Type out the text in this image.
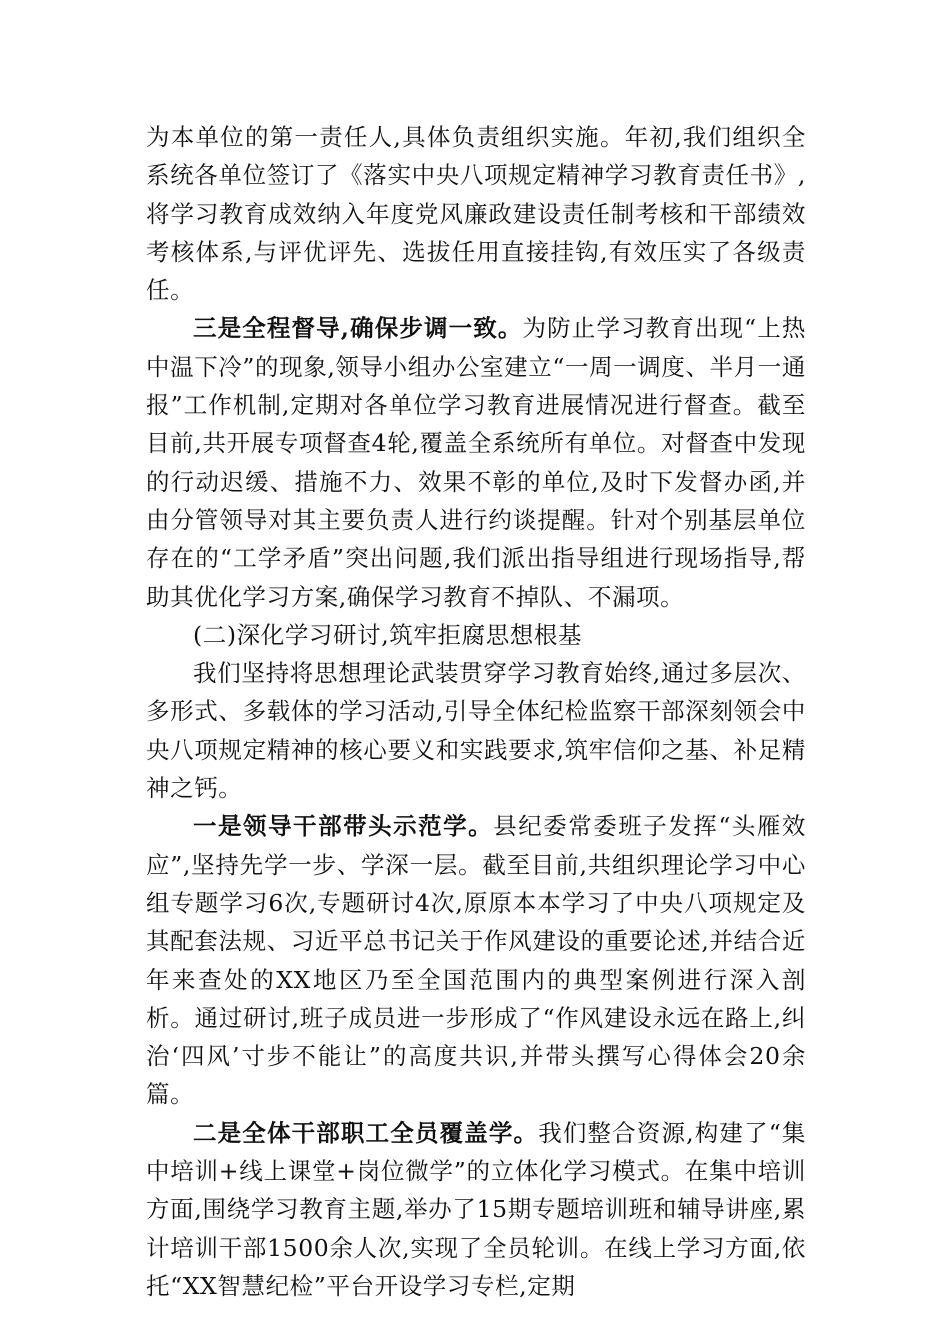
为本单位的第一责任人,具体负责组织实施。年初,我们组织全系统各单位签订了《落实中央八项规定精神学习教育责任书》,将学习教育成效纳入年度党风廉政建设责任制考核和干部绩效考核体系,与评优评先、选拔任用直接挂钩,有效压实了各级责任。

三是全程督导,确保步调一致。为防止学习教育出现“上热中温下冷”的现象,领导小组办公室建立“一周一调度、半月一通报”工作机制,定期对各单位学习教育进展情况进行督查。截至目前,共开展专项督查4轮,覆盖全系统所有单位。对督查中发现的行动迟缓、措施不力、效果不彰的单位,及时下发督办函,并由分管领导对其主要负责人进行约谈提醒。针对个别基层单位存在的“工学矛盾”突出问题,我们派出指导组进行现场指导,帮助其优化学习方案,确保学习教育不掉队、不漏项。

(二)深化学习研讨,筑牢拒腐思想根基

我们坚持将思想理论武装贯穿学习教育始终,通过多层次、多形式、多载体的学习活动,引导全体纪检监察干部深刻领会中央八项规定精神的核心要义和实践要求,筑牢信仰之基、补足精神之钙。

一是领导干部带头示范学。县纪委常委班子发挥“头雁效应”,坚持先学一步、学深一层。截至目前,共组织理论学习中心组专题学习6次,专题研讨4次,原原本本学习了中央八项规定及其配套法规、习近平总书记关于作风建设的重要论述,并结合近年来查处的XX地区乃至全国范围内的典型案例进行深入剖析。通过研讨,班子成员进一步形成了“作风建设永远在路上,纠治‘四风’寸步不能让”的高度共识,并带头撰写心得体会20余篇。

二是全体干部职工全员覆盖学。我们整合资源,构建了“集中培训+线上课堂+岗位微学”的立体化学习模式。在集中培训方面,围绕学习教育主题,举办了15期专题培训班和辅导讲座,累计培训干部1500余人次,实现了全员轮训。在线上学习方面,依托“XX智慧纪检”平台开设学习专栏,定期
